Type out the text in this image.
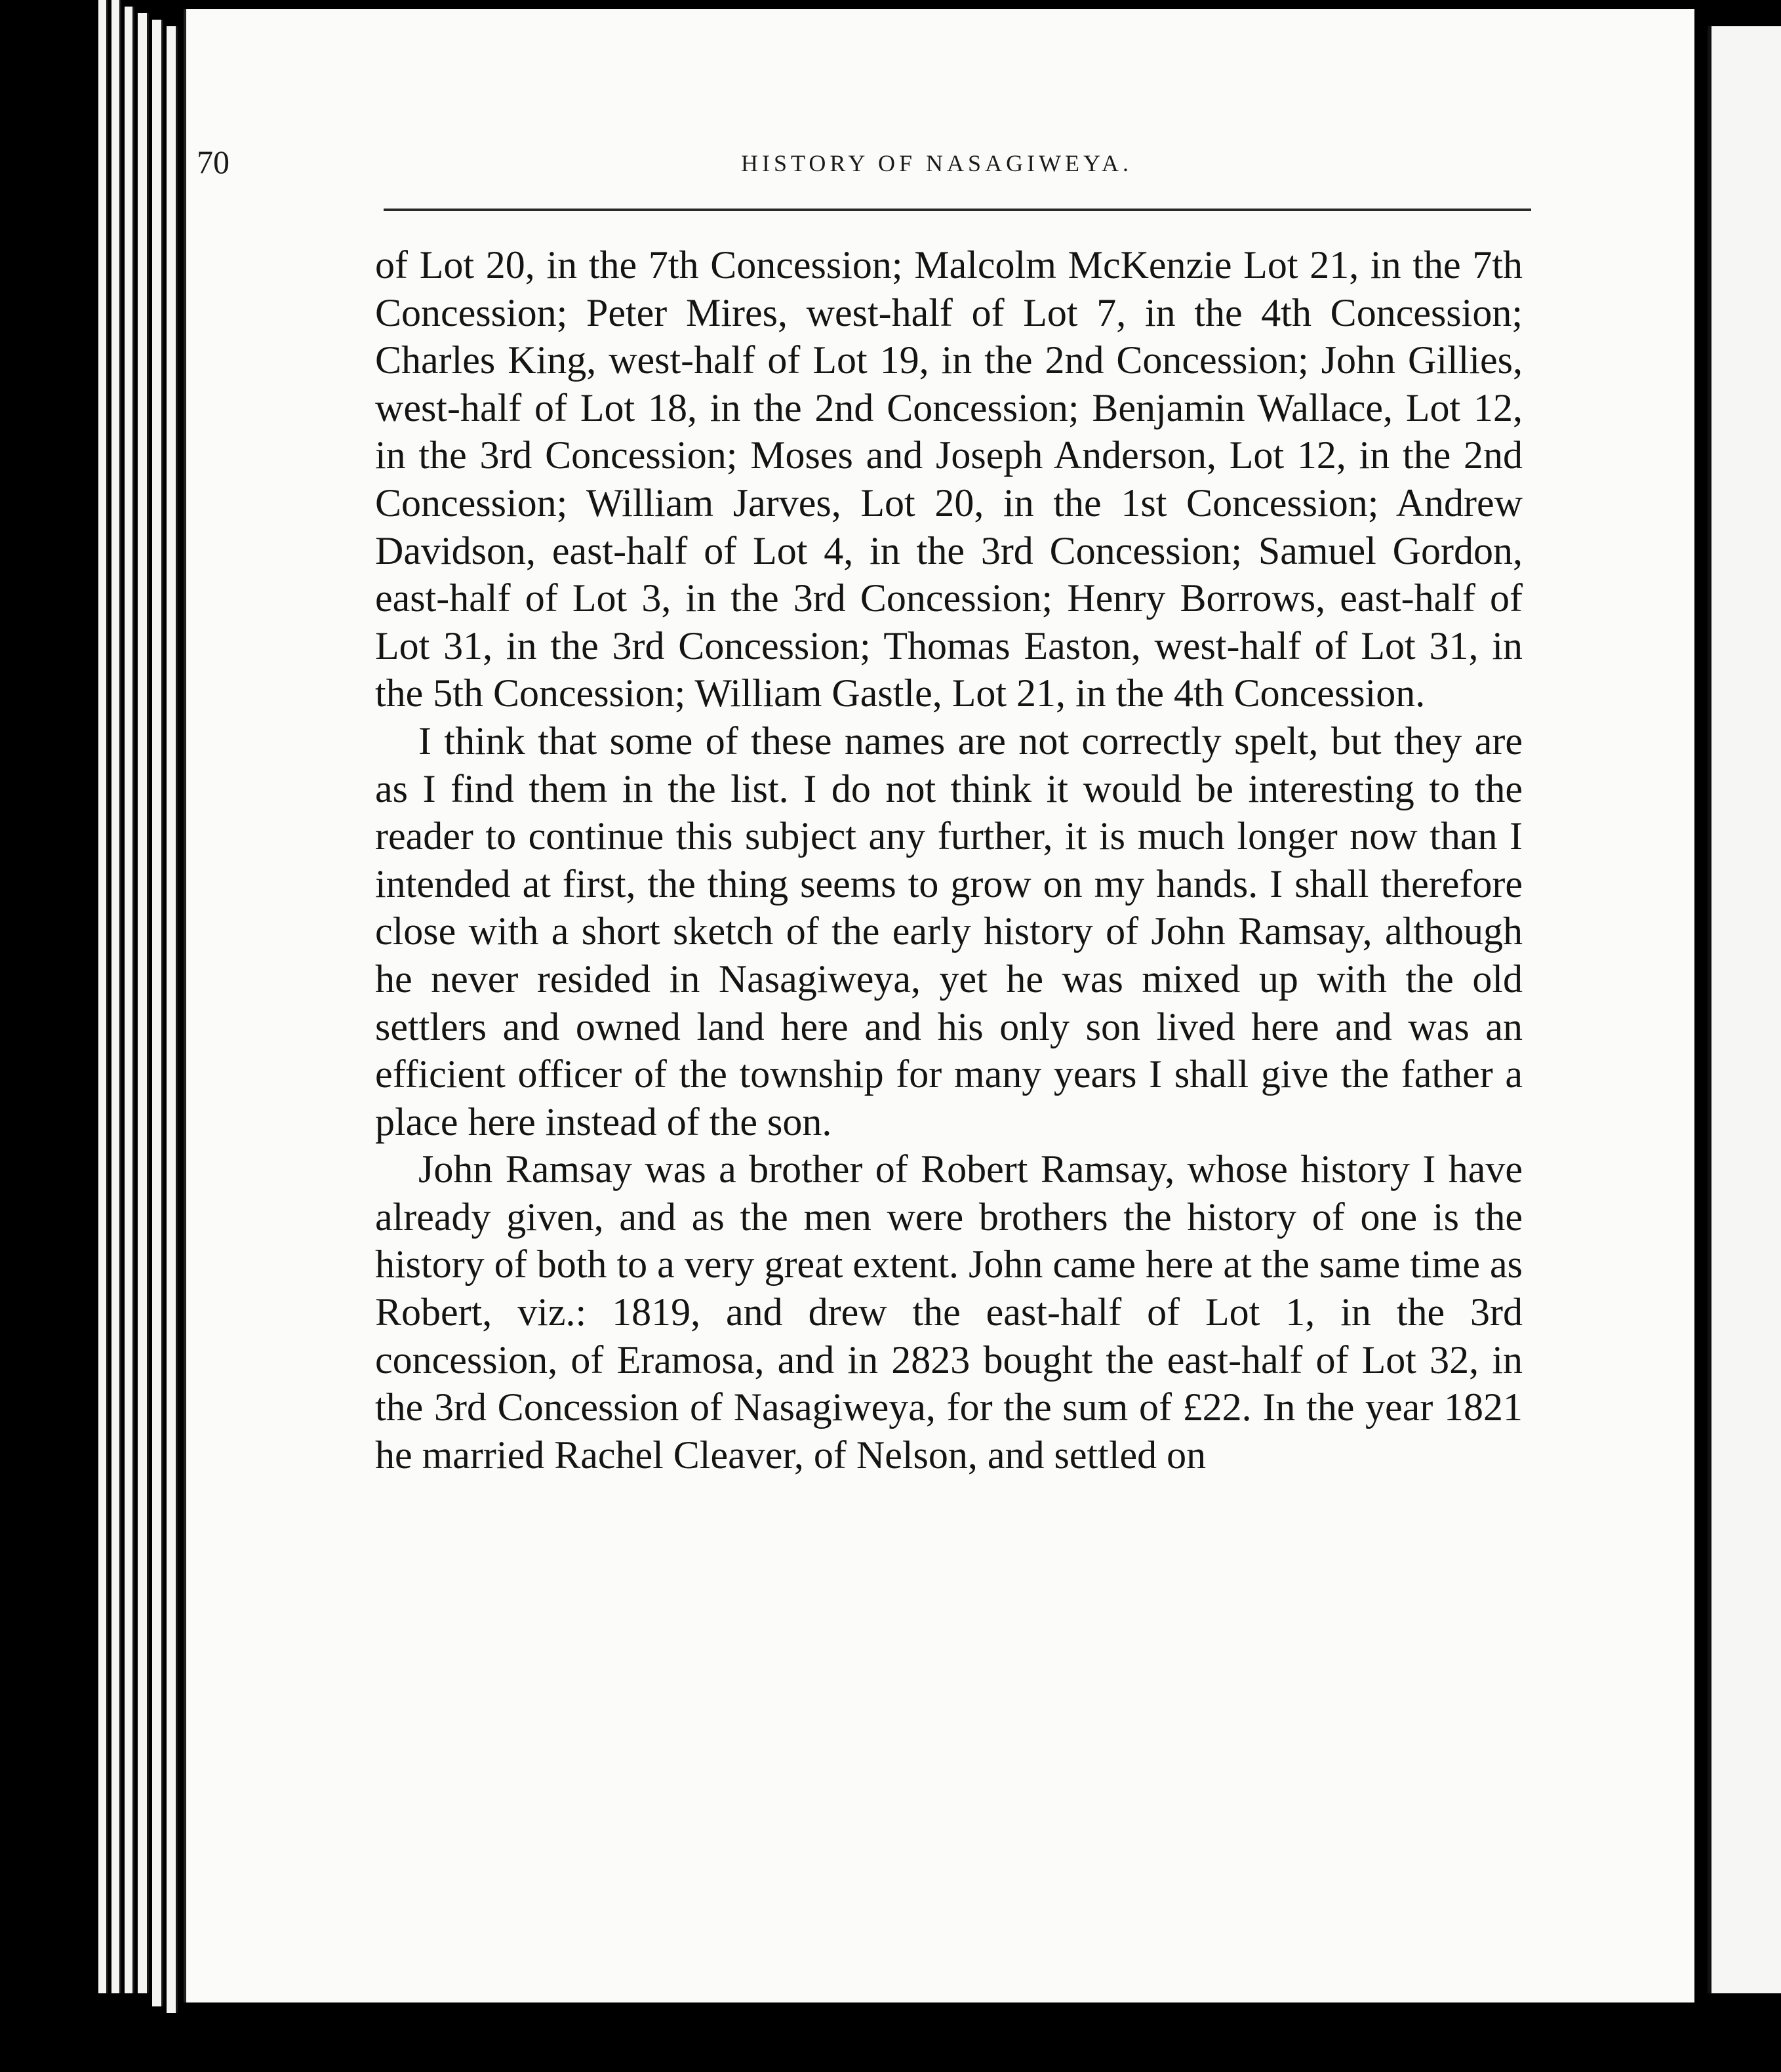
70	HISTORY OF NASAGIWEYA.

of Lot 20, in the 7th Concession; Malcolm McKenzie Lot 21, in the 7th Concession; Peter Mires, west-half of Lot 7, in the 4th Concession; Charles King, west-half of Lot 19, in the 2nd Concession; John Gillies, west-half of Lot 18, in the 2nd Concession; Benjamin Wallace, Lot 12, in the 3rd Concession; Moses and Joseph Anderson, Lot 12, in the 2nd Concession; William Jarves, Lot 20, in the 1st Concession; Andrew Davidson, east-half of Lot 4, in the 3rd Concession; Samuel Gordon, east-half of Lot 3, in the 3rd Concession; Henry Borrows, east-half of Lot 31, in the 3rd Concession; Thomas Easton, west-half of Lot 31, in the 5th Concession; William Gastle, Lot 21, in the 4th Concession.

I think that some of these names are not correctly spelt, but they are as I find them in the list. I do not think it would be interesting to the reader to continue this subject any further, it is much longer now than I intended at first, the thing seems to grow on my hands. I shall therefore close with a short sketch of the early history of John Ramsay, although he never resided in Nasagiweya, yet he was mixed up with the old settlers and owned land here and his only son lived here and was an efficient officer of the township for many years I shall give the father a place here instead of the son.

John Ramsay was a brother of Robert Ramsay, whose history I have already given, and as the men were brothers the history of one is the history of both to a very great extent. John came here at the same time as Robert, viz.: 1819, and drew the east-half of Lot 1, in the 3rd concession, of Eramosa, and in 2823 bought the east-half of Lot 32, in the 3rd Concession of Nasagiweya, for the sum of £22. In the year 1821 he married Rachel Cleaver, of Nelson, and settled on
